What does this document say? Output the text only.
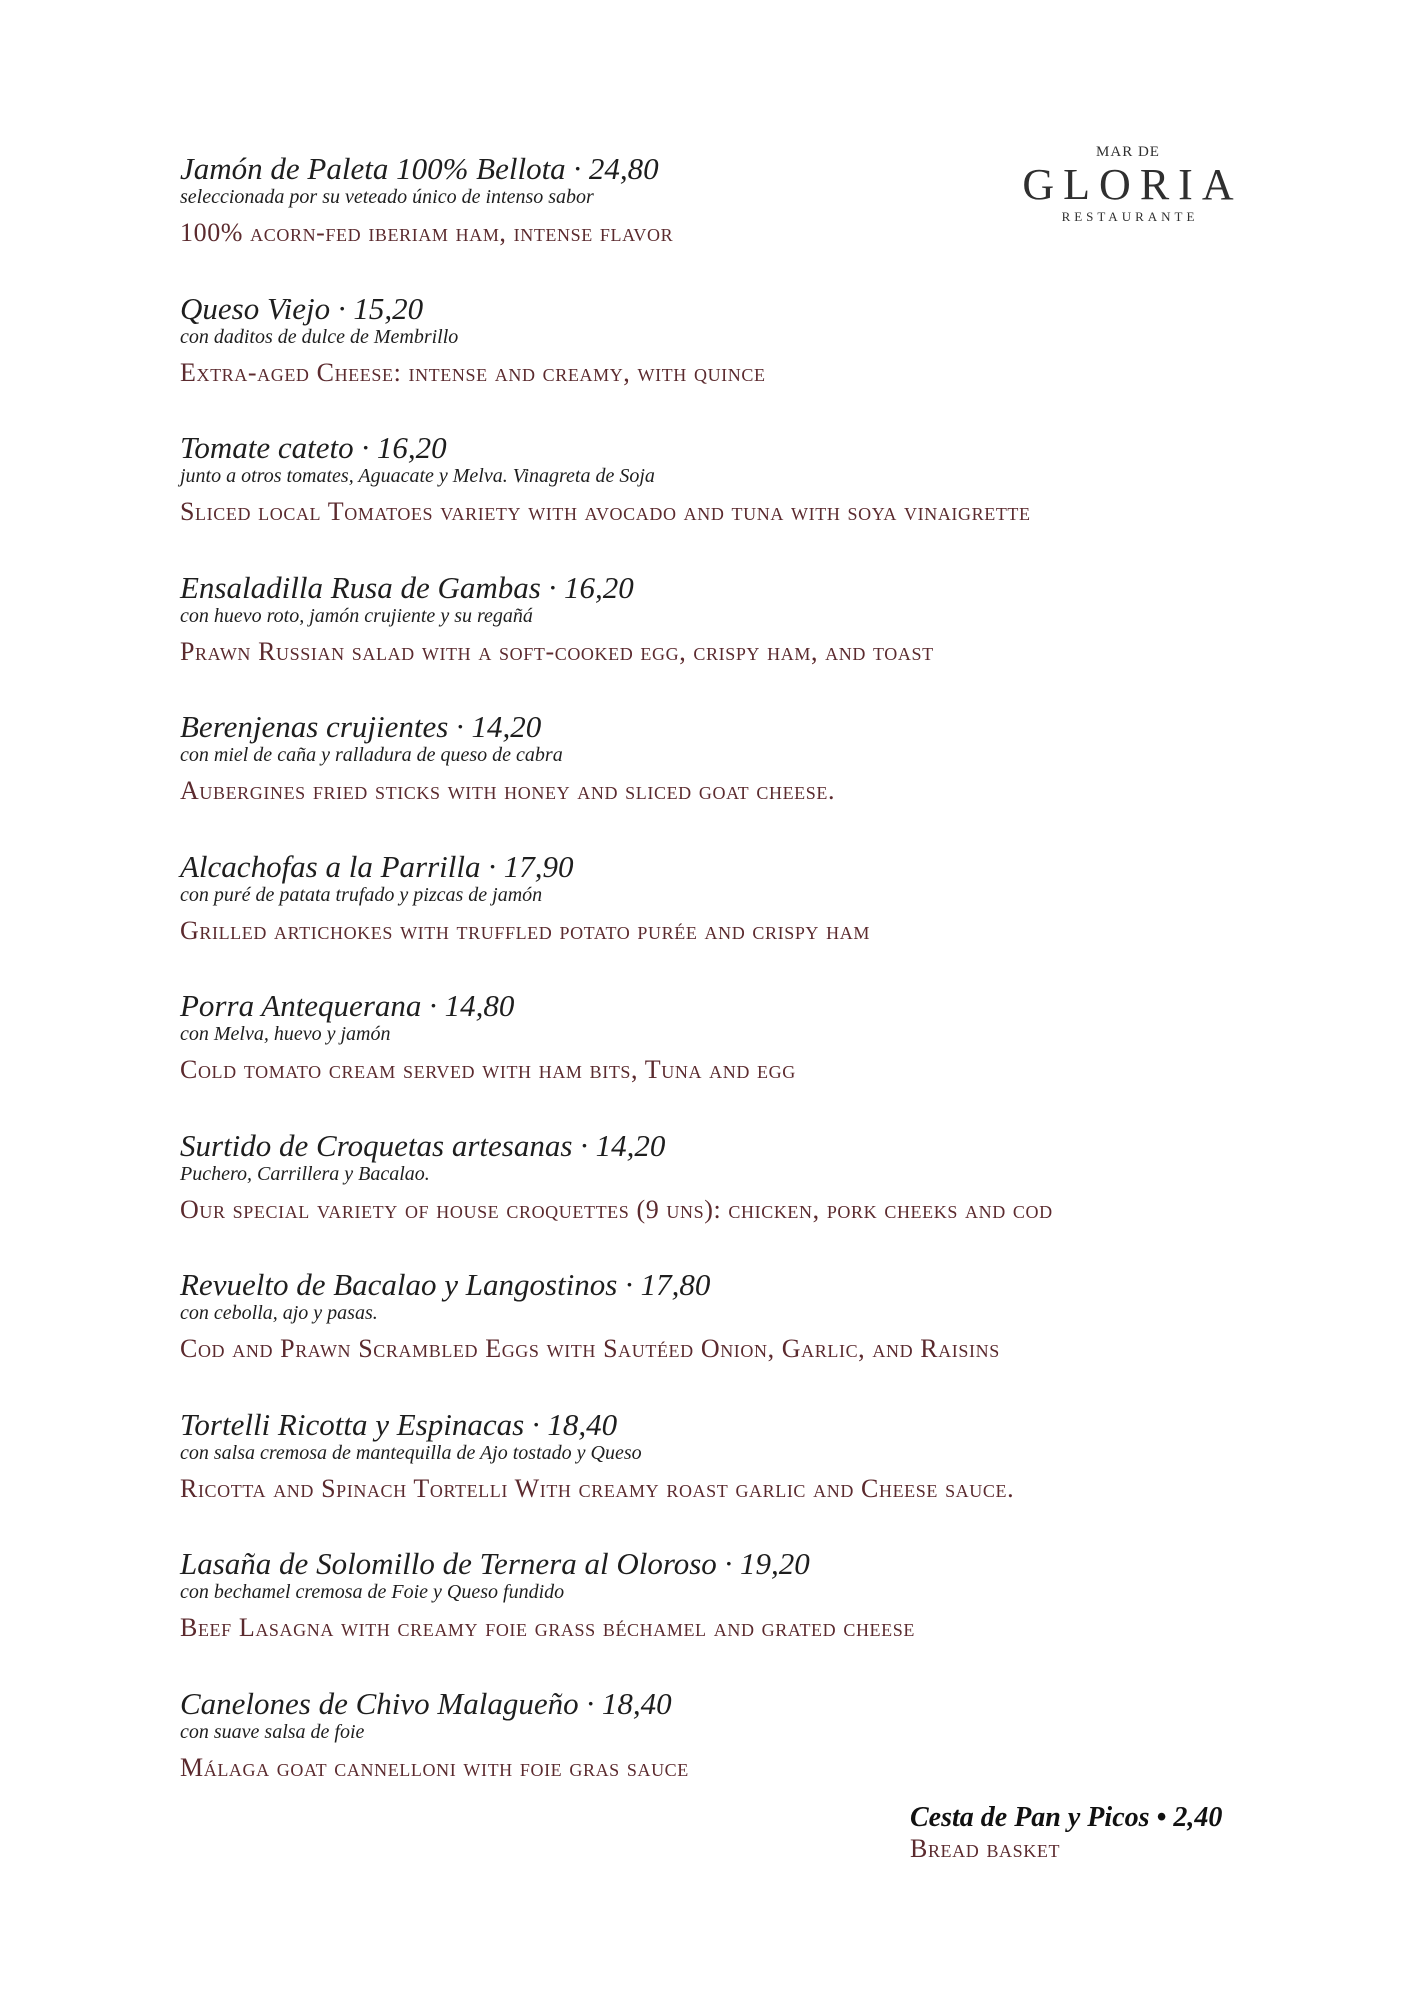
MAR DE
GLORIA
RESTAURANTE
Jamón de Paleta 100% Bellota · 24,80
seleccionada por su veteado único de intenso sabor
100% acorn-fed iberiam ham, intense flavor
Queso Viejo · 15,20
con daditos de dulce de Membrillo
Extra-aged Cheese: intense and creamy, with quince
Tomate cateto · 16,20
junto a otros tomates, Aguacate y Melva. Vinagreta de Soja
Sliced local Tomatoes variety with avocado and tuna with soya vinaigrette
Ensaladilla Rusa de Gambas · 16,20
con huevo roto, jamón crujiente y su regañá
Prawn Russian salad with a soft-cooked egg, crispy ham, and toast
Berenjenas crujientes · 14,20
con miel de caña y ralladura de queso de cabra
Aubergines fried sticks with honey and sliced goat cheese.
Alcachofas a la Parrilla · 17,90
con puré de patata trufado y pizcas de jamón
Grilled artichokes with truffled potato purée and crispy ham
Porra Antequerana · 14,80
con Melva, huevo y jamón
Cold tomato cream served with ham bits, Tuna and egg
Surtido de Croquetas artesanas · 14,20
Puchero, Carrillera y Bacalao.
Our special variety of house croquettes (9 uns): chicken, pork cheeks and cod
Revuelto de Bacalao y Langostinos · 17,80
con cebolla, ajo y pasas.
Cod and Prawn Scrambled Eggs with Sautéed Onion, Garlic, and Raisins
Tortelli Ricotta y Espinacas · 18,40
con salsa cremosa de mantequilla de Ajo tostado y Queso
Ricotta and Spinach Tortelli With creamy roast garlic and Cheese sauce.
Lasaña de Solomillo de Ternera al Oloroso · 19,20
con bechamel cremosa de Foie y Queso fundido
Beef Lasagna with creamy foie grass béchamel and grated cheese
Canelones de Chivo Malagueño · 18,40
con suave salsa de foie
Málaga goat cannelloni with foie gras sauce
Cesta de Pan y Picos • 2,40
Bread basket
